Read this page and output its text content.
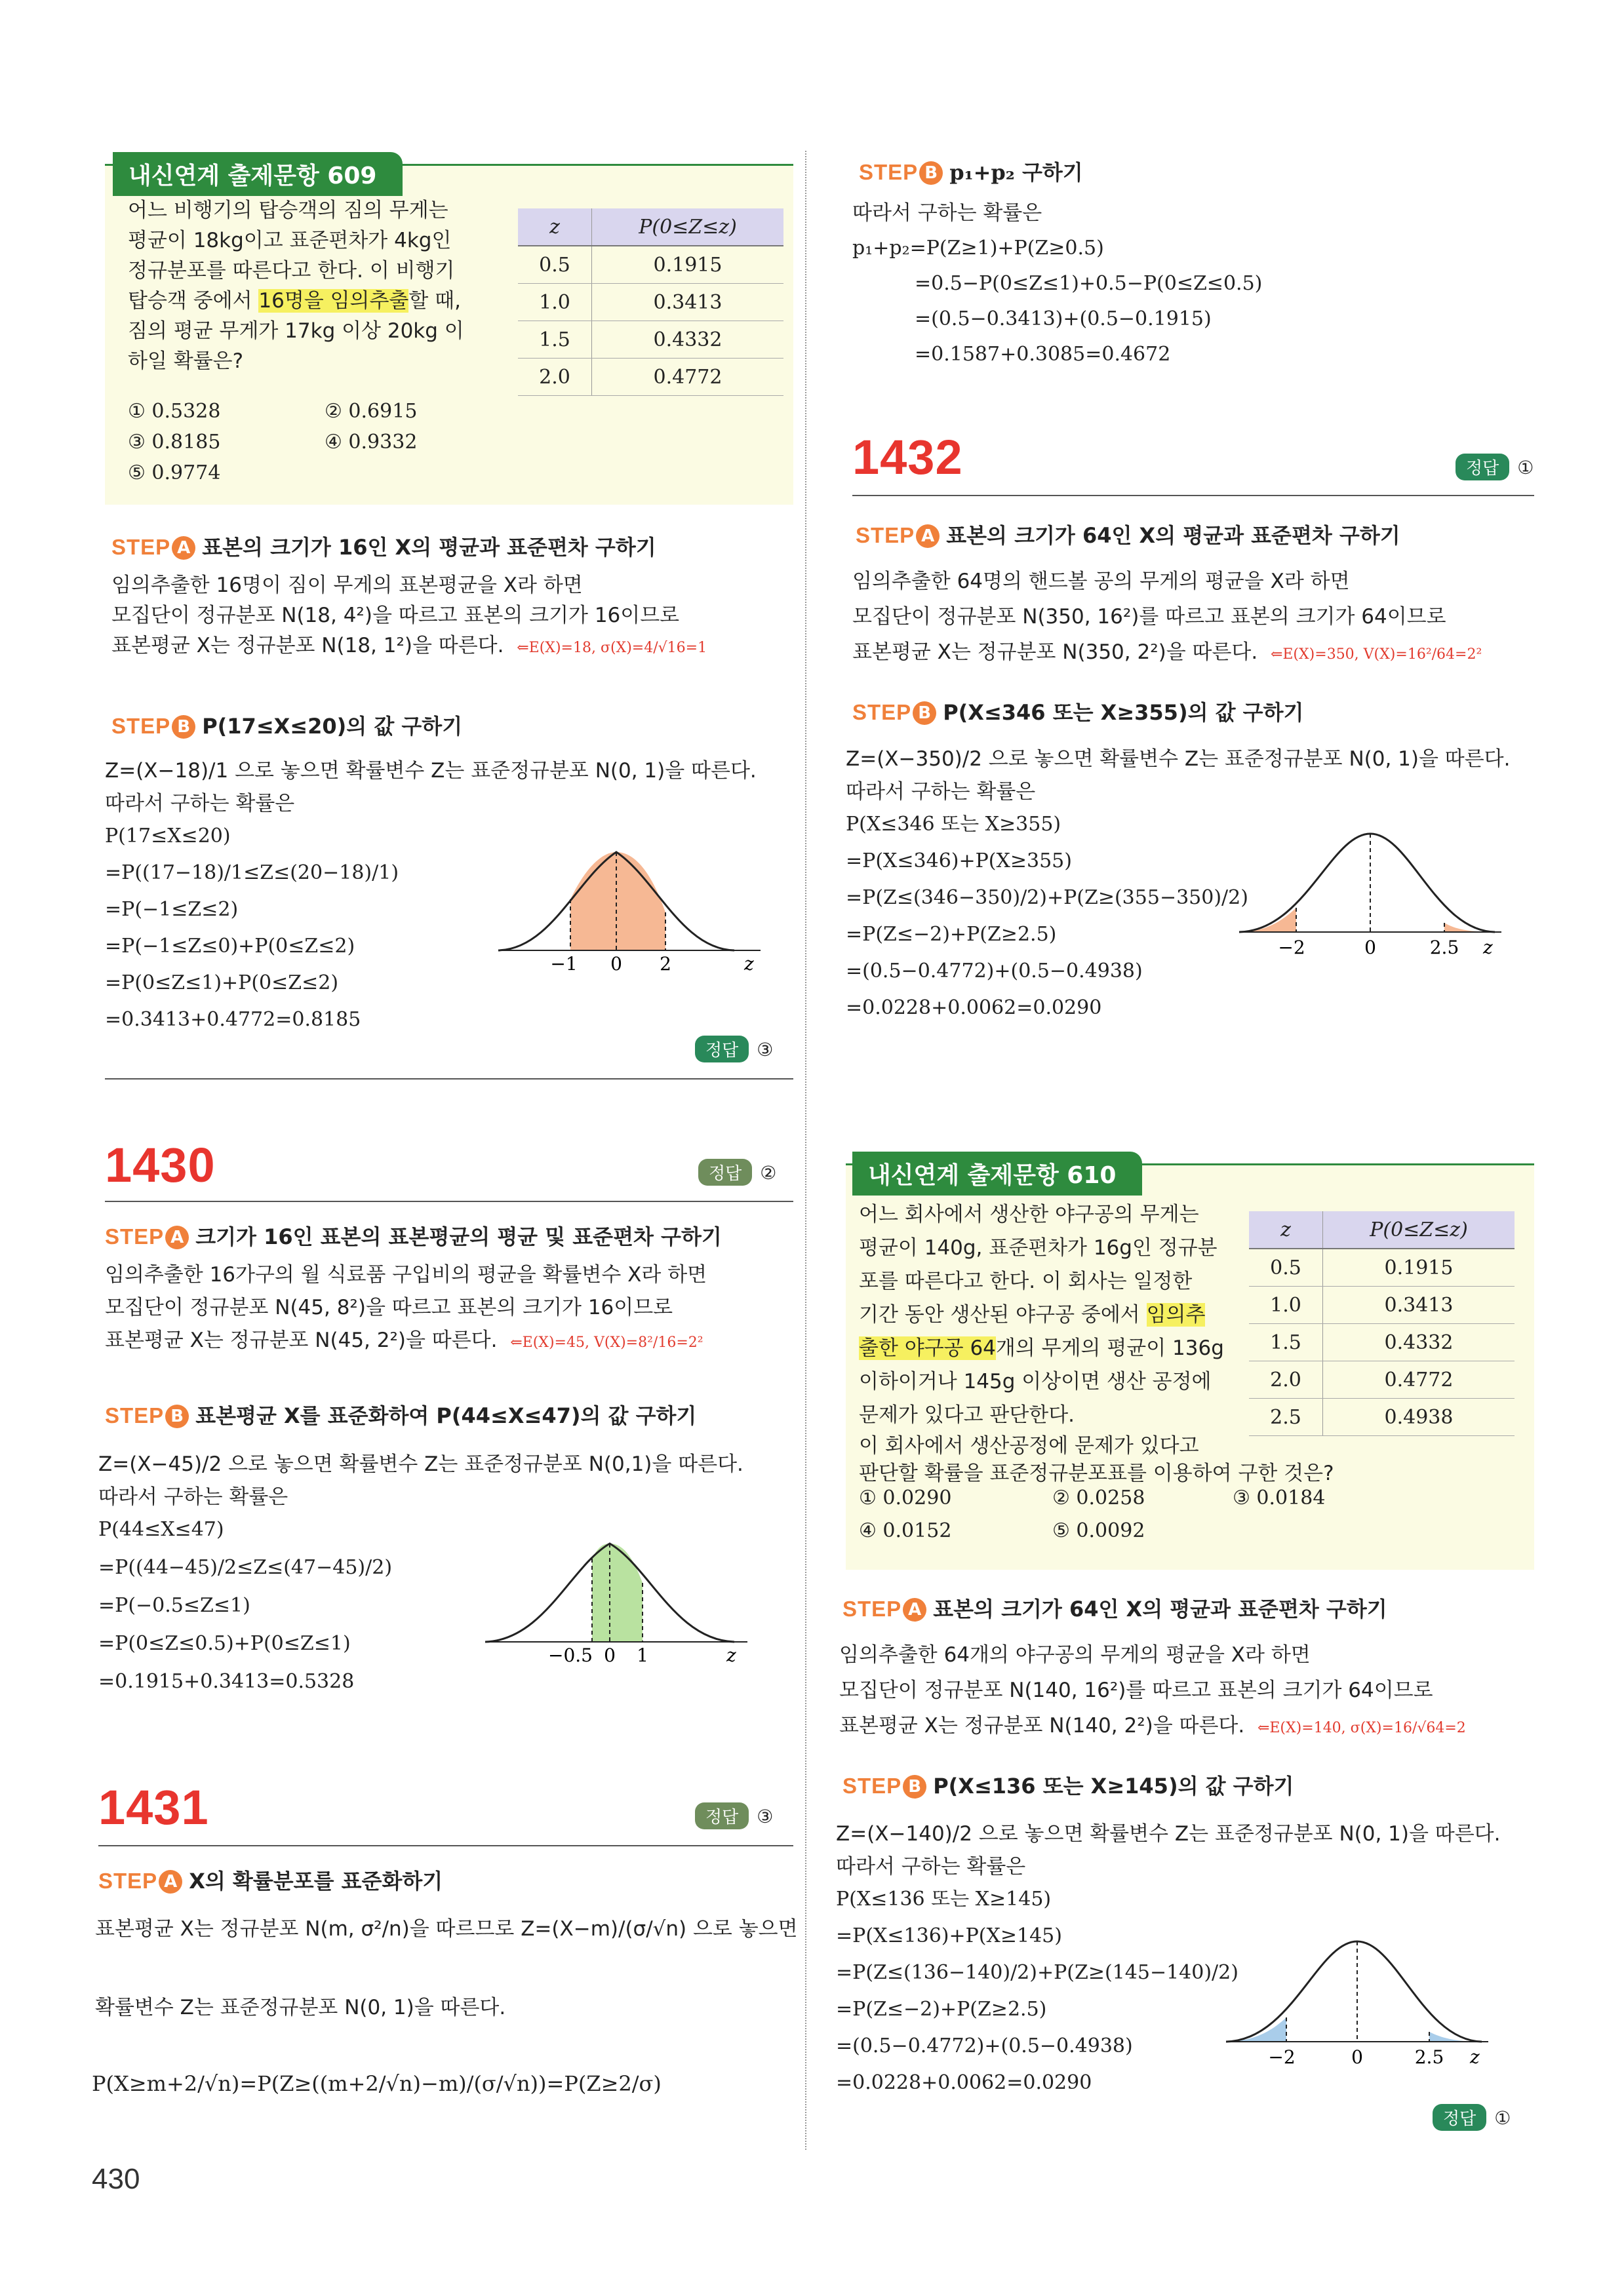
내신연계 출제문항 609
어느 비행기의 탑승객의 짐의 무게는
평균이 18kg이고 표준편차가 4kg인
정규분포를 따른다고 한다. 이 비행기
탑승객 중에서 16명을 임의추출할 때,
짐의 평균 무게가 17kg 이상 20kg 이
하일 확률은?
z	P(0≤Z≤z)
0.5	0.1915
1.0	0.3413
1.5	0.4332
2.0	0.4772
① 0.5328	② 0.6915
③ 0.8185	④ 0.9332
⑤ 0.9774
STEP A 표본의 크기가 16인 X의 평균과 표준편차 구하기
임의추출한 16명이 짐이 무게의 표본평균을 X라 하면
모집단이 정규분포 N(18, 4²)을 따르고 표본의 크기가 16이므로
표본평균 X는 정규분포 N(18, 1²)을 따른다. ⇐E(X)=18, σ(X)=4/√16=1
STEP B P(17≤X≤20)의 값 구하기
Z=(X−18)/1 으로 놓으면 확률변수 Z는 표준정규분포 N(0, 1)을 따른다.
따라서 구하는 확률은
P(17≤X≤20)
=P((17−18)/1≤Z≤(20−18)/1)
=P(−1≤Z≤2)
=P(−1≤Z≤0)+P(0≤Z≤2)
=P(0≤Z≤1)+P(0≤Z≤2)
=0.3413+0.4772=0.8185
−1 0 2	z
정답 ③
1430	정답 ②
STEP A 크기가 16인 표본의 표본평균의 평균 및 표준편차 구하기
임의추출한 16가구의 월 식료품 구입비의 평균을 확률변수 X라 하면
모집단이 정규분포 N(45, 8²)을 따르고 표본의 크기가 16이므로
표본평균 X는 정규분포 N(45, 2²)을 따른다. ⇐E(X)=45, V(X)=8²/16=2²
STEP B 표본평균 X를 표준화하여 P(44≤X≤47)의 값 구하기
Z=(X−45)/2 으로 놓으면 확률변수 Z는 표준정규분포 N(0,1)을 따른다.
따라서 구하는 확률은
P(44≤X≤47)
=P((44−45)/2≤Z≤(47−45)/2)
=P(−0.5≤Z≤1)
=P(0≤Z≤0.5)+P(0≤Z≤1)
=0.1915+0.3413=0.5328
−0.5 0 1	z
1431	정답 ③
STEP A X의 확률분포를 표준화하기
표본평균 X는 정규분포 N(m, σ²/n)을 따르므로 Z=(X−m)/(σ/√n) 으로 놓으면
확률변수 Z는 표준정규분포 N(0, 1)을 따른다.
P(X≥m+2/√n)=P(Z≥((m+2/√n)−m)/(σ/√n))=P(Z≥2/σ)
STEP B p₁+p₂ 구하기
따라서 구하는 확률은
p₁+p₂=P(Z≥1)+P(Z≥0.5)
=0.5−P(0≤Z≤1)+0.5−P(0≤Z≤0.5)
=(0.5−0.3413)+(0.5−0.1915)
=0.1587+0.3085=0.4672
1432	정답 ①
STEP A 표본의 크기가 64인 X의 평균과 표준편차 구하기
임의추출한 64명의 핸드볼 공의 무게의 평균을 X라 하면
모집단이 정규분포 N(350, 16²)를 따르고 표본의 크기가 64이므로
표본평균 X는 정규분포 N(350, 2²)을 따른다. ⇐E(X)=350, V(X)=16²/64=2²
STEP B P(X≤346 또는 X≥355)의 값 구하기
Z=(X−350)/2 으로 놓으면 확률변수 Z는 표준정규분포 N(0, 1)을 따른다.
따라서 구하는 확률은
P(X≤346 또는 X≥355)
=P(X≤346)+P(X≥355)
=P(Z≤(346−350)/2)+P(Z≥(355−350)/2)
=P(Z≤−2)+P(Z≥2.5)
=(0.5−0.4772)+(0.5−0.4938)
=0.0228+0.0062=0.0290
−2	0	2.5 z
내신연계 출제문항 610
어느 회사에서 생산한 야구공의 무게는
평균이 140g, 표준편차가 16g인 정규분
포를 따른다고 한다. 이 회사는 일정한
기간 동안 생산된 야구공 중에서 임의추
출한 야구공 64개의 무게의 평균이 136g
이하이거나 145g 이상이면 생산 공정에
문제가 있다고 판단한다.
이 회사에서 생산공정에 문제가 있다고
판단할 확률을 표준정규분포표를 이용하여 구한 것은?
z	P(0≤Z≤z)
0.5	0.1915
1.0	0.3413
1.5	0.4332
2.0	0.4772
2.5	0.4938
① 0.0290	② 0.0258	③ 0.0184
④ 0.0152	⑤ 0.0092
STEP A 표본의 크기가 64인 X의 평균과 표준편차 구하기
임의추출한 64개의 야구공의 무게의 평균을 X라 하면
모집단이 정규분포 N(140, 16²)를 따르고 표본의 크기가 64이므로
표본평균 X는 정규분포 N(140, 2²)을 따른다. ⇐E(X)=140, σ(X)=16/√64=2
STEP B P(X≤136 또는 X≥145)의 값 구하기
Z=(X−140)/2 으로 놓으면 확률변수 Z는 표준정규분포 N(0, 1)을 따른다.
따라서 구하는 확률은
P(X≤136 또는 X≥145)
=P(X≤136)+P(X≥145)
=P(Z≤(136−140)/2)+P(Z≥(145−140)/2)
=P(Z≤−2)+P(Z≥2.5)
=(0.5−0.4772)+(0.5−0.4938)
=0.0228+0.0062=0.0290
−2	0	2.5 z
정답 ①
430
